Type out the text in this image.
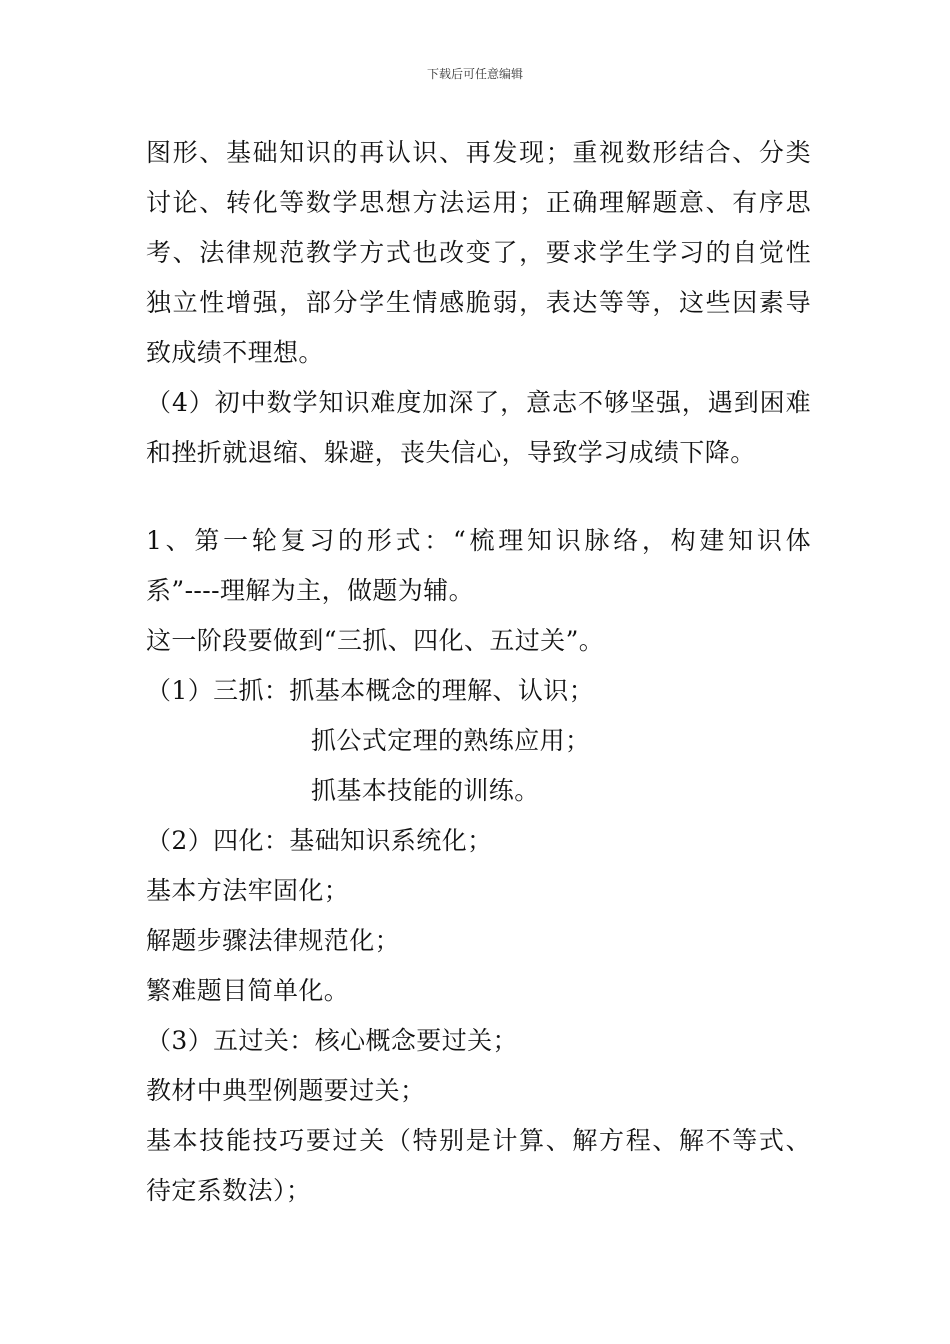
下载后可任意编辑
图形、基础知识的再认识、再发现；重视数形结合、分类
讨论、转化等数学思想方法运用；正确理解题意、有序思
考、法律规范教学方式也改变了，要求学生学习的自觉性
独立性增强，部分学生情感脆弱，表达等等，这些因素导
致成绩不理想。
（4）初中数学知识难度加深了，意志不够坚强，遇到困难
和挫折就退缩、躲避，丧失信心，导致学习成绩下降。
1、第一轮复习的形式：“梳理知识脉络，构建知识体
系”----理解为主，做题为辅。
这一阶段要做到“三抓、四化、五过关”。
（1）三抓：抓基本概念的理解、认识；
抓公式定理的熟练应用；
抓基本技能的训练。
（2）四化：基础知识系统化；
基本方法牢固化；
解题步骤法律规范化；
繁难题目简单化。
（3）五过关：核心概念要过关；
教材中典型例题要过关；
基本技能技巧要过关（特别是计算、解方程、解不等式、
待定系数法）；
